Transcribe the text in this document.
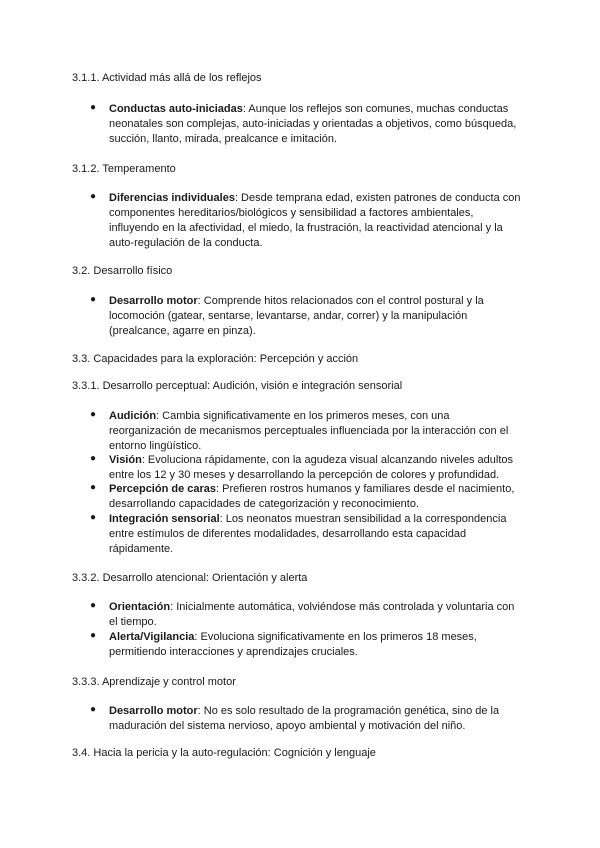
3.1.1. Actividad más allá de los reflejos
● Conductas auto-iniciadas: Aunque los reflejos son comunes, muchas conductas
neonatales son complejas, auto-iniciadas y orientadas a objetivos, como búsqueda,
succión, llanto, mirada, prealcance e imitación.
3.1.2. Temperamento
● Diferencias individuales: Desde temprana edad, existen patrones de conducta con
componentes hereditarios/biológicos y sensibilidad a factores ambientales,
influyendo en la afectividad, el miedo, la frustración, la reactividad atencional y la
auto-regulación de la conducta.
3.2. Desarrollo físico
● Desarrollo motor: Comprende hitos relacionados con el control postural y la
locomoción (gatear, sentarse, levantarse, andar, correr) y la manipulación
(prealcance, agarre en pinza).
3.3. Capacidades para la exploración: Percepción y acción
3.3.1. Desarrollo perceptual: Audición, visión e integración sensorial
● Audición: Cambia significativamente en los primeros meses, con una
reorganización de mecanismos perceptuales influenciada por la interacción con el
entorno lingüístico.
● Visión: Evoluciona rápidamente, con la agudeza visual alcanzando niveles adultos
entre los 12 y 30 meses y desarrollando la percepción de colores y profundidad.
● Percepción de caras: Prefieren rostros humanos y familiares desde el nacimiento,
desarrollando capacidades de categorización y reconocimiento.
● Integración sensorial: Los neonatos muestran sensibilidad a la correspondencia
entre estímulos de diferentes modalidades, desarrollando esta capacidad
rápidamente.
3.3.2. Desarrollo atencional: Orientación y alerta
● Orientación: Inicialmente automática, volviéndose más controlada y voluntaria con
el tiempo.
● Alerta/Vigilancia: Evoluciona significativamente en los primeros 18 meses,
permitiendo interacciones y aprendizajes cruciales.
3.3.3. Aprendizaje y control motor
● Desarrollo motor: No es solo resultado de la programación genética, sino de la
maduración del sistema nervioso, apoyo ambiental y motivación del niño.
3.4. Hacia la pericia y la auto-regulación: Cognición y lenguaje
